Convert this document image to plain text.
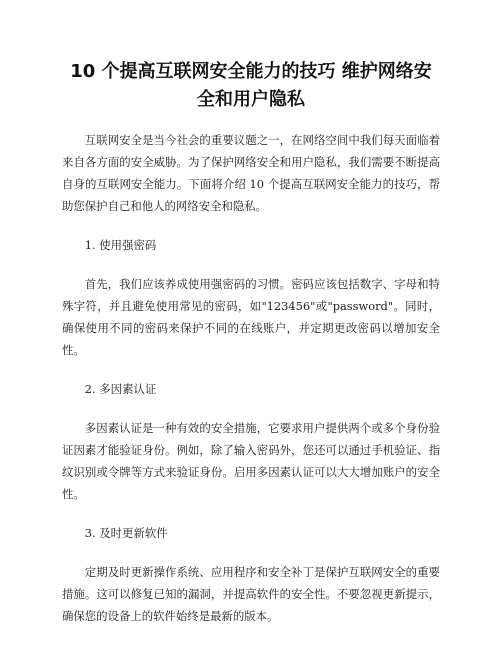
10 个提高互联网安全能力的技巧 维护网络安全和用户隐私

互联网安全是当今社会的重要议题之一，在网络空间中我们每天面临着来自各方面的安全威胁。为了保护网络安全和用户隐私，我们需要不断提高自身的互联网安全能力。下面将介绍 10 个提高互联网安全能力的技巧，帮助您保护自己和他人的网络安全和隐私。

1. 使用强密码

首先，我们应该养成使用强密码的习惯。密码应该包括数字、字母和特殊字符，并且避免使用常见的密码，如"123456"或"password"。同时，确保使用不同的密码来保护不同的在线账户，并定期更改密码以增加安全性。

2. 多因素认证

多因素认证是一种有效的安全措施，它要求用户提供两个或多个身份验证因素才能验证身份。例如，除了输入密码外，您还可以通过手机验证、指纹识别或令牌等方式来验证身份。启用多因素认证可以大大增加账户的安全性。

3. 及时更新软件

定期及时更新操作系统、应用程序和安全补丁是保护互联网安全的重要措施。这可以修复已知的漏洞，并提高软件的安全性。不要忽视更新提示，确保您的设备上的软件始终是最新的版本。
